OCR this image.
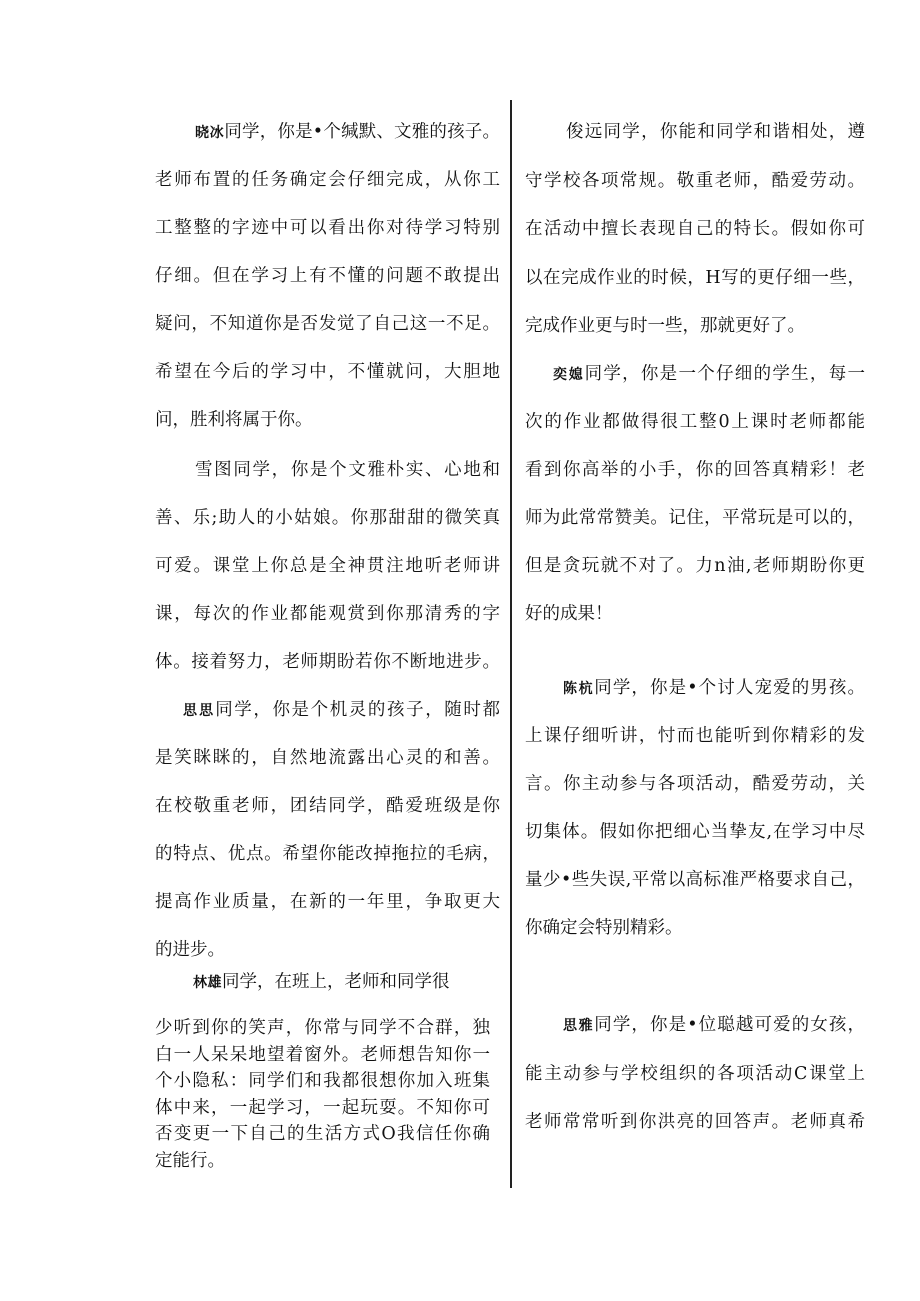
晓冰同学，你是•个缄默、文雅的孩子。
老师布置的任务确定会仔细完成，从你工
工整整的字迹中可以看出你对待学习特别
仔细。但在学习上有不懂的问题不敢提出
疑问，不知道你是否发觉了自己这一不足。
希望在今后的学习中，不懂就问，大胆地
问，胜利将属于你。
雪图同学，你是个文雅朴实、心地和
善、乐;助人的小姑娘。你那甜甜的微笑真
可爱。课堂上你总是全神贯注地听老师讲
课，每次的作业都能观赏到你那清秀的字
体。接着努力，老师期盼若你不断地进步。
思思同学，你是个机灵的孩子，随时都
是笑眯眯的，自然地流露出心灵的和善。
在校敬重老师，团结同学，酷爱班级是你
的特点、优点。希望你能改掉拖拉的毛病，
提高作业质量，在新的一年里，争取更大
的进步。
林雄同学，在班上，老师和同学很
少听到你的笑声，你常与同学不合群，独
白一人呆呆地望着窗外。老师想告知你一
个小隐私：同学们和我都很想你加入班集
体中来，一起学习，一起玩耍。不知你可
否变更一下自己的生活方式O我信任你确
定能行。
俊远同学，你能和同学和谐相处，遵
守学校各项常规。敬重老师，酷爱劳动。
在活动中擅长表现自己的特长。假如你可
以在完成作业的时候，H写的更仔细一些，
完成作业更与时一些，那就更好了。
奕媳同学，你是一个仔细的学生，每一
次的作业都做得很工整0上课时老师都能
看到你高举的小手，你的回答真精彩！老
师为此常常赞美。记住，平常玩是可以的，
但是贪玩就不对了。力n油,老师期盼你更
好的成果！
陈杭同学，你是•个讨人宠爱的男孩。
上课仔细听讲，忖而也能听到你精彩的发
言。你主动参与各项活动，酷爱劳动，关
切集体。假如你把细心当挚友,在学习中尽
量少•些失误,平常以高标准严格要求自己，
你确定会特别精彩。
思雅同学，你是•位聪越可爱的女孩，
能主动参与学校组织的各项活动C课堂上
老师常常听到你洪亮的回答声。老师真希
